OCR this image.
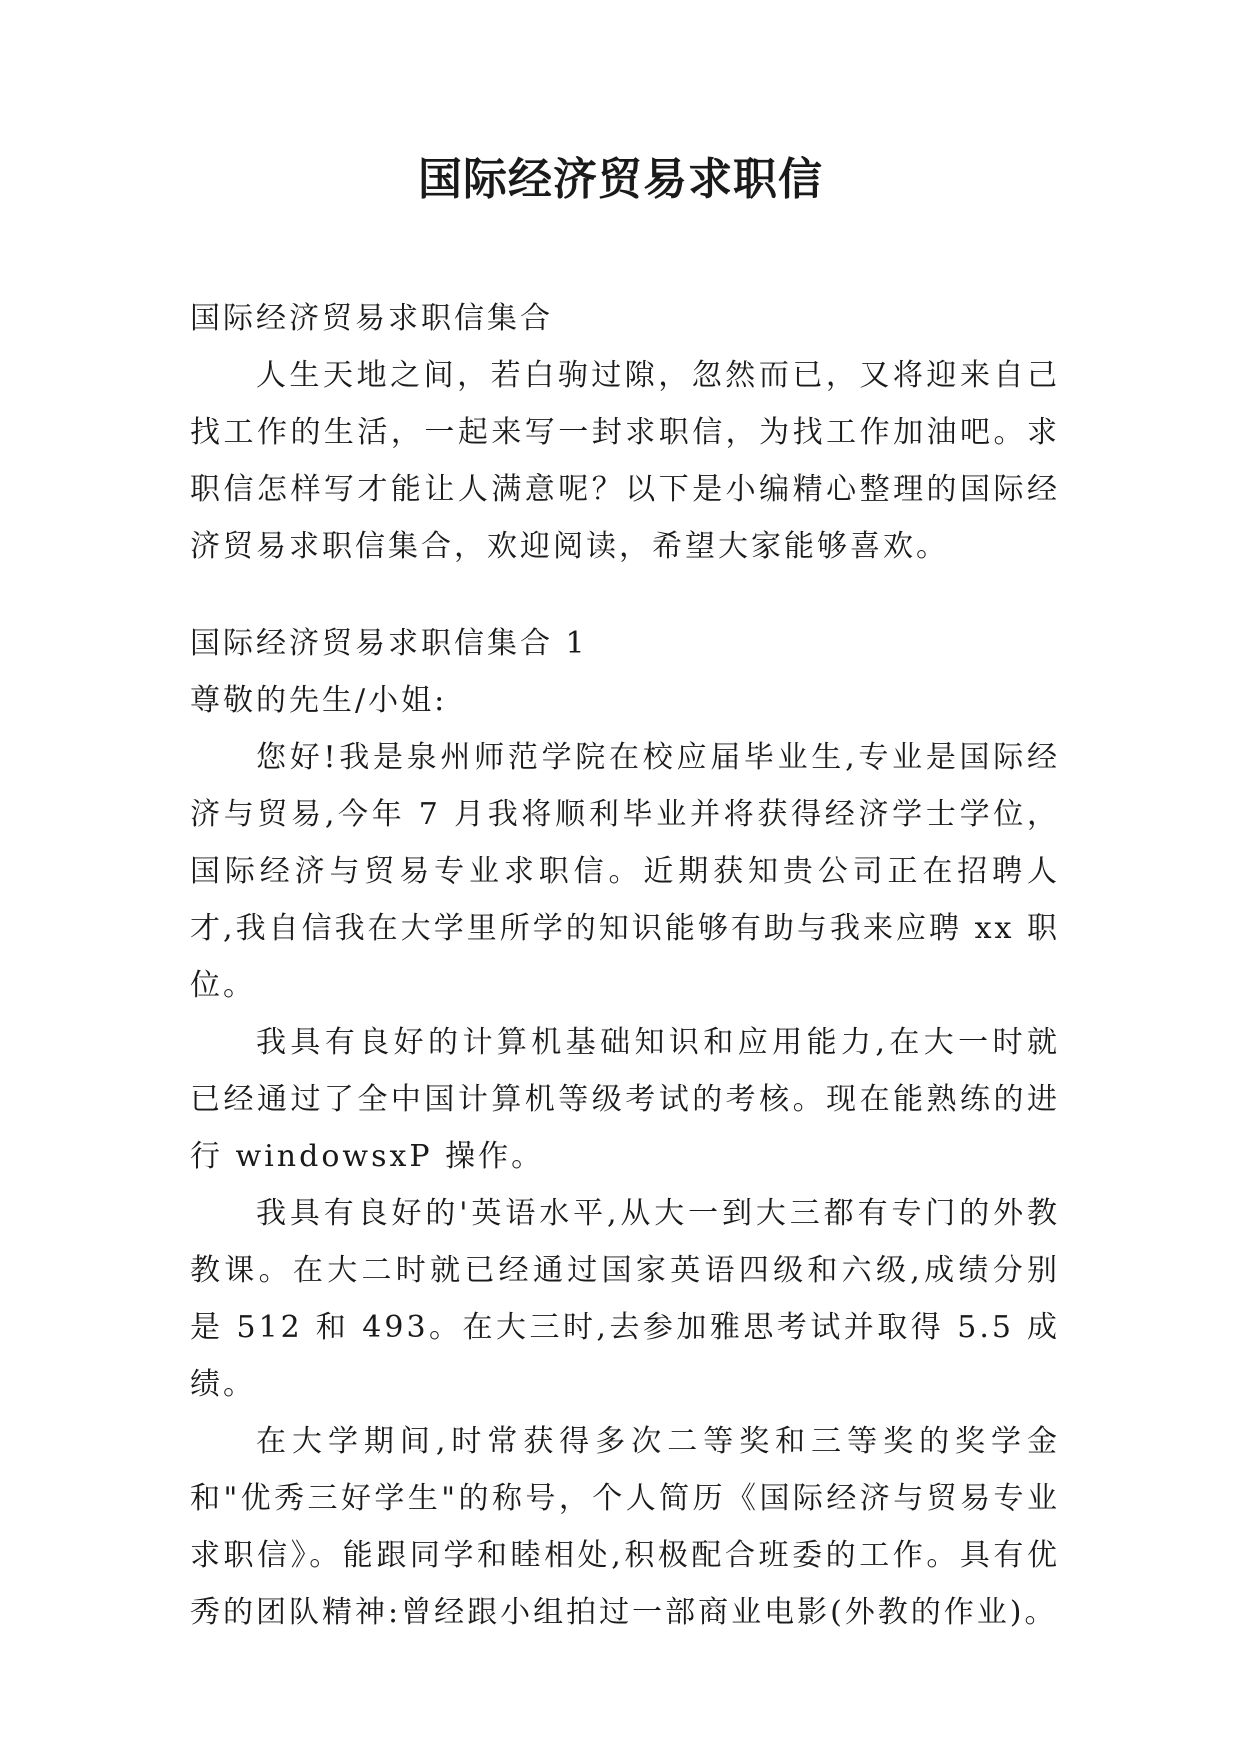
国际经济贸易求职信

国际经济贸易求职信集合

人生天地之间，若白驹过隙，忽然而已，又将迎来自己找工作的生活，一起来写一封求职信，为找工作加油吧。求职信怎样写才能让人满意呢？以下是小编精心整理的国际经济贸易求职信集合，欢迎阅读，希望大家能够喜欢。

国际经济贸易求职信集合 1

尊敬的先生/小姐:

您好!我是泉州师范学院在校应届毕业生,专业是国际经济与贸易,今年 7 月我将顺利毕业并将获得经济学士学位，国际经济与贸易专业求职信。近期获知贵公司正在招聘人才,我自信我在大学里所学的知识能够有助与我来应聘 xx 职位。

我具有良好的计算机基础知识和应用能力,在大一时就已经通过了全中国计算机等级考试的考核。现在能熟练的进行 windowsxP 操作。

我具有良好的'英语水平,从大一到大三都有专门的外教教课。在大二时就已经通过国家英语四级和六级,成绩分别是 512 和 493。在大三时,去参加雅思考试并取得 5.5 成绩。

在大学期间,时常获得多次二等奖和三等奖的奖学金和"优秀三好学生"的称号，个人简历《国际经济与贸易专业求职信》。能跟同学和睦相处,积极配合班委的工作。具有优秀的团队精神:曾经跟小组拍过一部商业电影(外教的作业)。
